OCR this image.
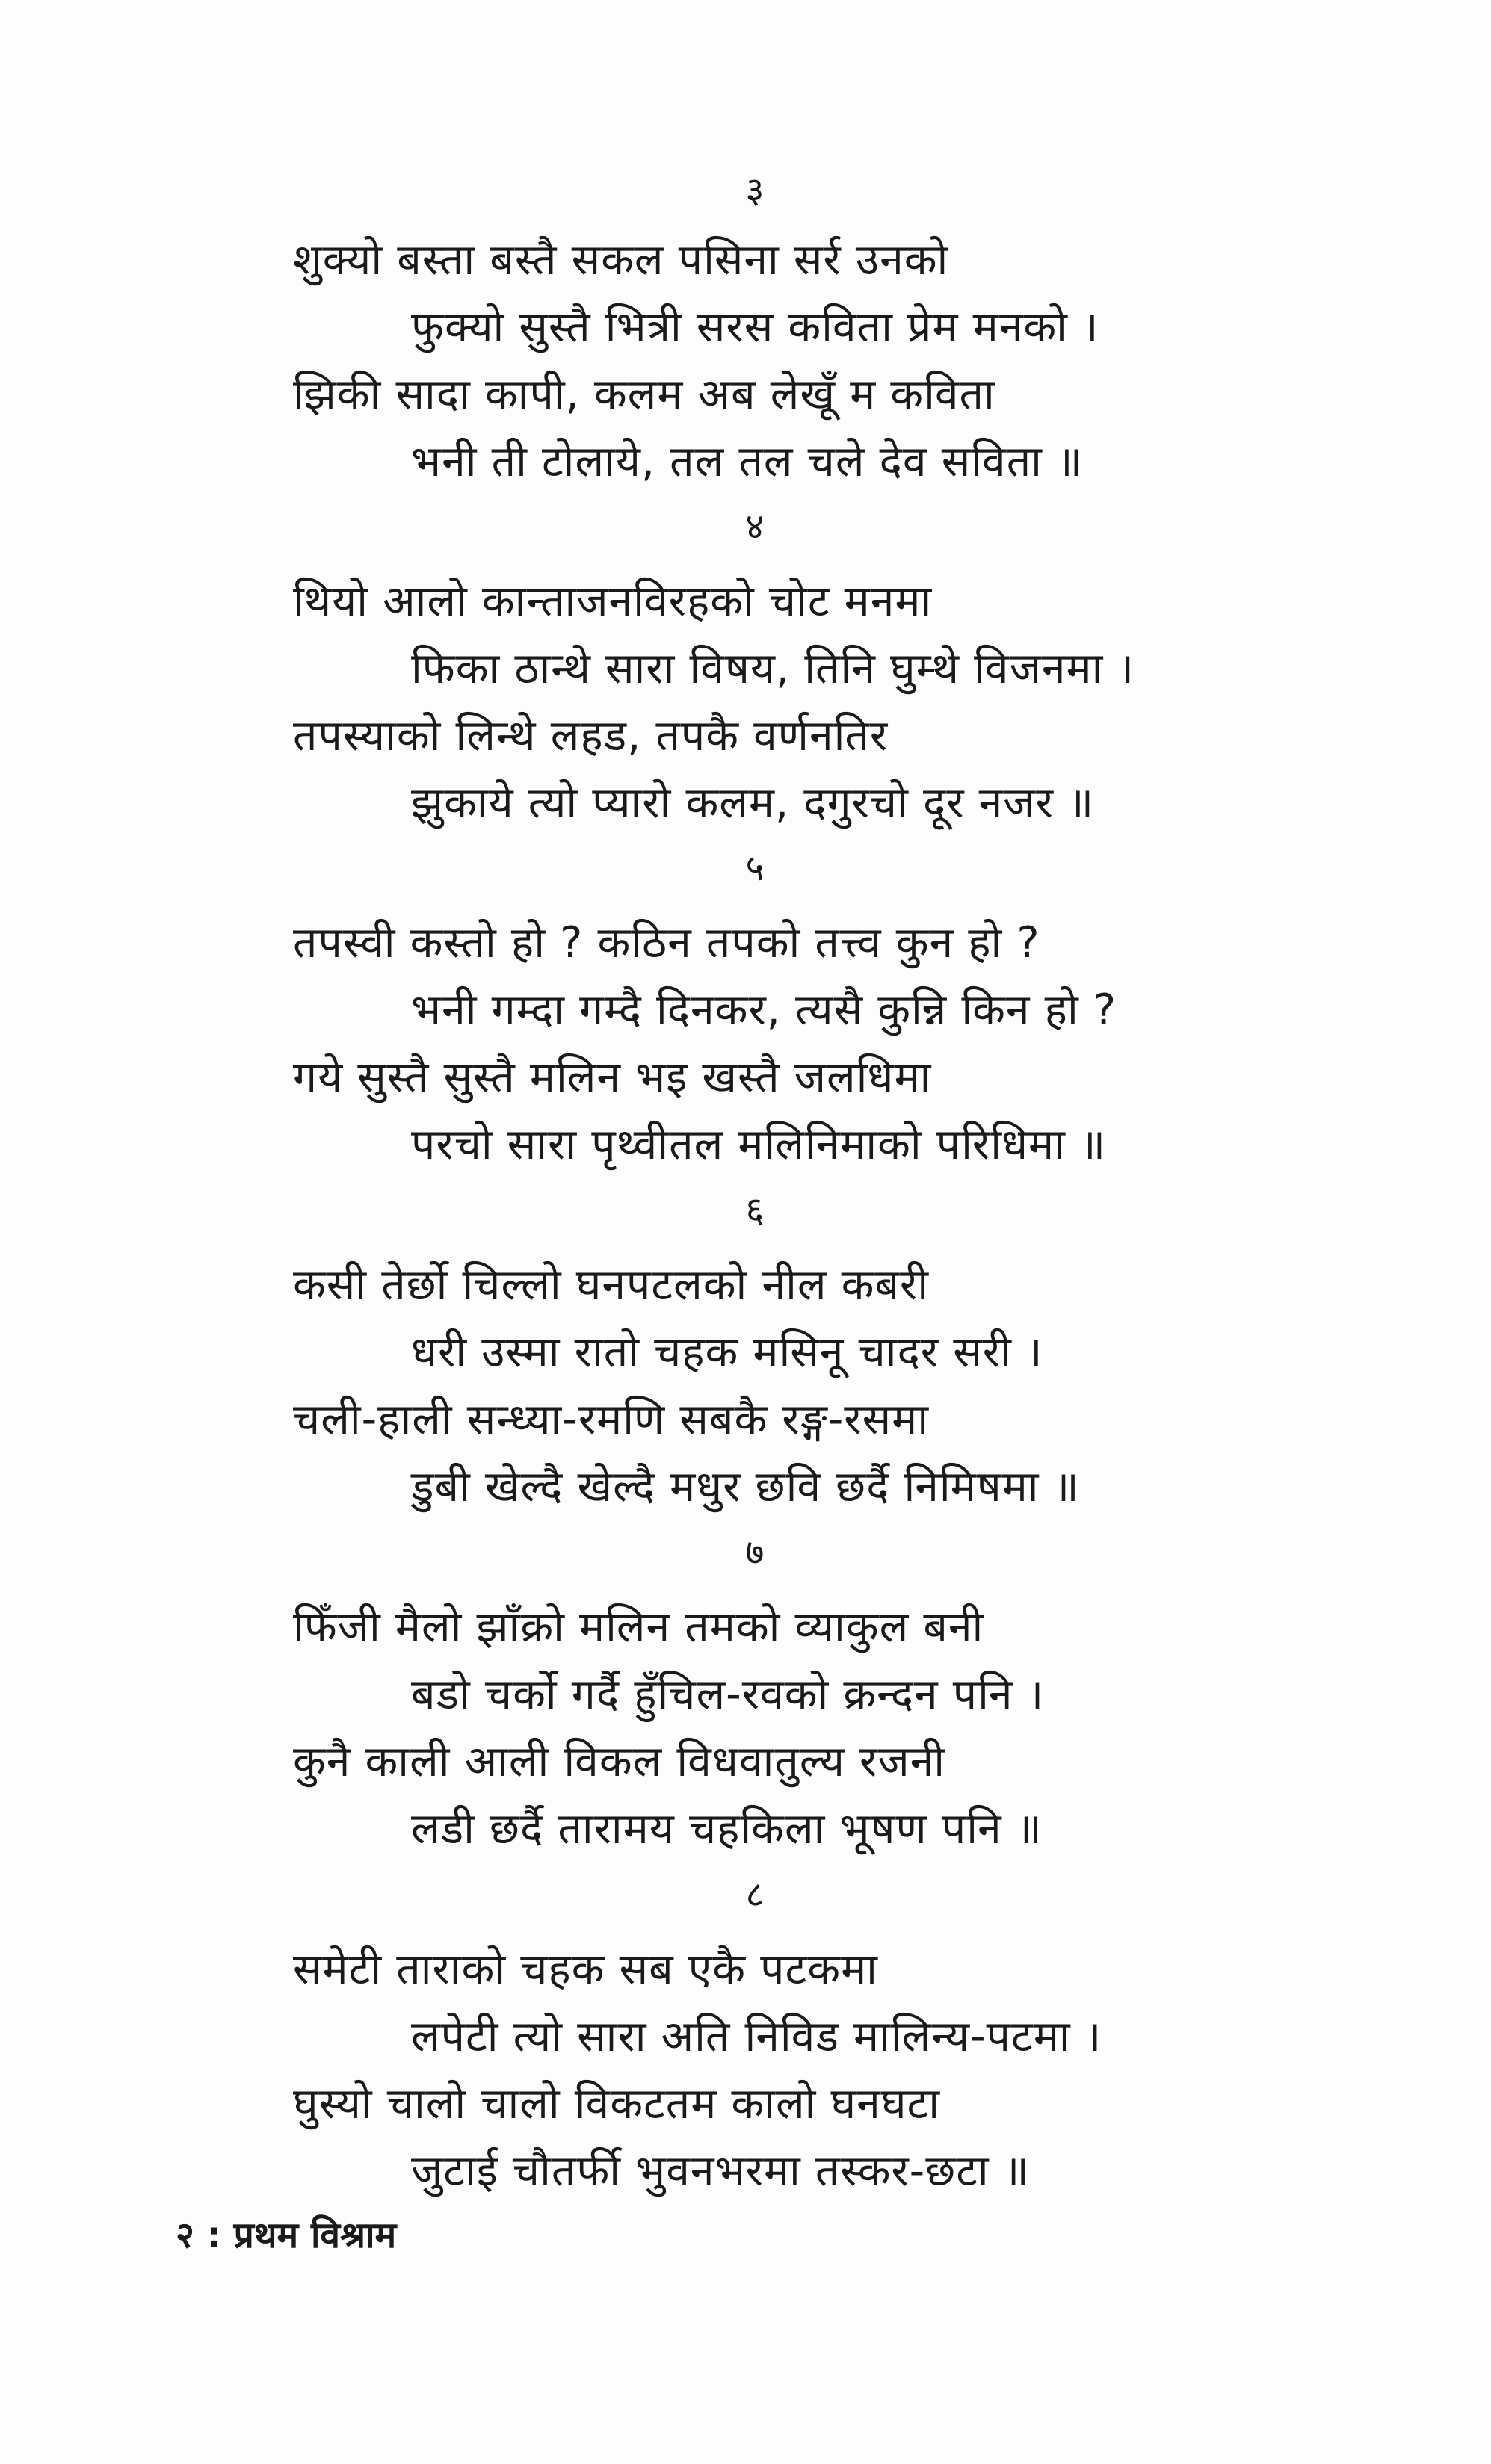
३
शुक्यो बस्ता बस्तै सकल पसिना सर्र उनको
फुक्यो सुस्तै भित्री सरस कविता प्रेम मनको ।
झिकी सादा कापी, कलम अब लेखूँ म कविता
भनी ती टोलाये, तल तल चले देव सविता ॥
४
थियो आलो कान्ताजनविरहको चोट मनमा
फिका ठान्थे सारा विषय, तिनि घुम्थे विजनमा ।
तपस्याको लिन्थे लहड, तपकै वर्णनतिर
झुकाये त्यो प्यारो कलम, दगुरचो दूर नजर ॥
५
तपस्वी कस्तो हो ? कठिन तपको तत्त्व कुन हो ?
भनी गम्दा गम्दै दिनकर, त्यसै कुन्नि किन हो ?
गये सुस्तै सुस्तै मलिन भइ खस्तै जलधिमा
परचो सारा पृथ्वीतल मलिनिमाको परिधिमा ॥
६
कसी तेर्छो चिल्लो घनपटलको नील कबरी
धरी उस्मा रातो चहक मसिनू चादर सरी ।
चली-हाली सन्ध्या-रमणि सबकै रङ्ग-रसमा
डुबी खेल्दै खेल्दै मधुर छवि छर्दै निमिषमा ॥
७
फिँजी मैलो झाँक्रो मलिन तमको व्याकुल बनी
बडो चर्को गर्दै हुँचिल-रवको क्रन्दन पनि ।
कुनै काली आली विकल विधवातुल्य रजनी
लडी छर्दै तारामय चहकिला भूषण पनि ॥
८
समेटी ताराको चहक सब एकै पटकमा
लपेटी त्यो सारा अति निविड मालिन्य-पटमा ।
घुस्यो चालो चालो विकटतम कालो घनघटा
जुटाई चौतर्फी भुवनभरमा तस्कर-छटा ॥
२ : प्रथम विश्राम
